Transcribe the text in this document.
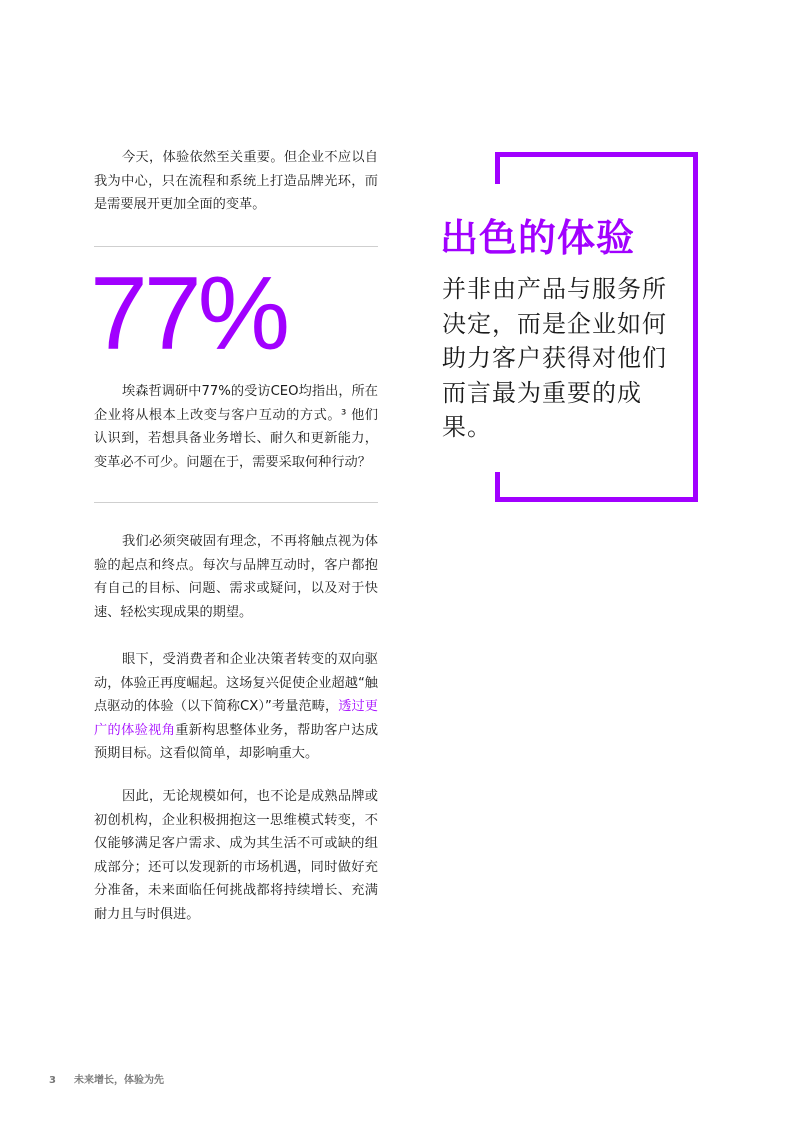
今天，体验依然至关重要。但企业不应以自我为中心，只在流程和系统上打造品牌光环，而是需要展开更加全面的变革。

77%

埃森哲调研中77%的受访CEO均指出，所在企业将从根本上改变与客户互动的方式。³ 他们认识到，若想具备业务增长、耐久和更新能力，变革必不可少。问题在于，需要采取何种行动？

我们必须突破固有理念，不再将触点视为体验的起点和终点。每次与品牌互动时，客户都抱有自己的目标、问题、需求或疑问，以及对于快速、轻松实现成果的期望。

眼下，受消费者和企业决策者转变的双向驱动，体验正再度崛起。这场复兴促使企业超越“触点驱动的体验（以下简称CX）”考量范畴，透过更广的体验视角重新构思整体业务，帮助客户达成预期目标。这看似简单，却影响重大。

因此，无论规模如何，也不论是成熟品牌或初创机构，企业积极拥抱这一思维模式转变，不仅能够满足客户需求、成为其生活不可或缺的组成部分；还可以发现新的市场机遇，同时做好充分准备，未来面临任何挑战都将持续增长、充满耐力且与时俱进。

出色的体验

并非由产品与服务所决定，而是企业如何助力客户获得对他们而言最为重要的成果。

3 未来增长，体验为先
